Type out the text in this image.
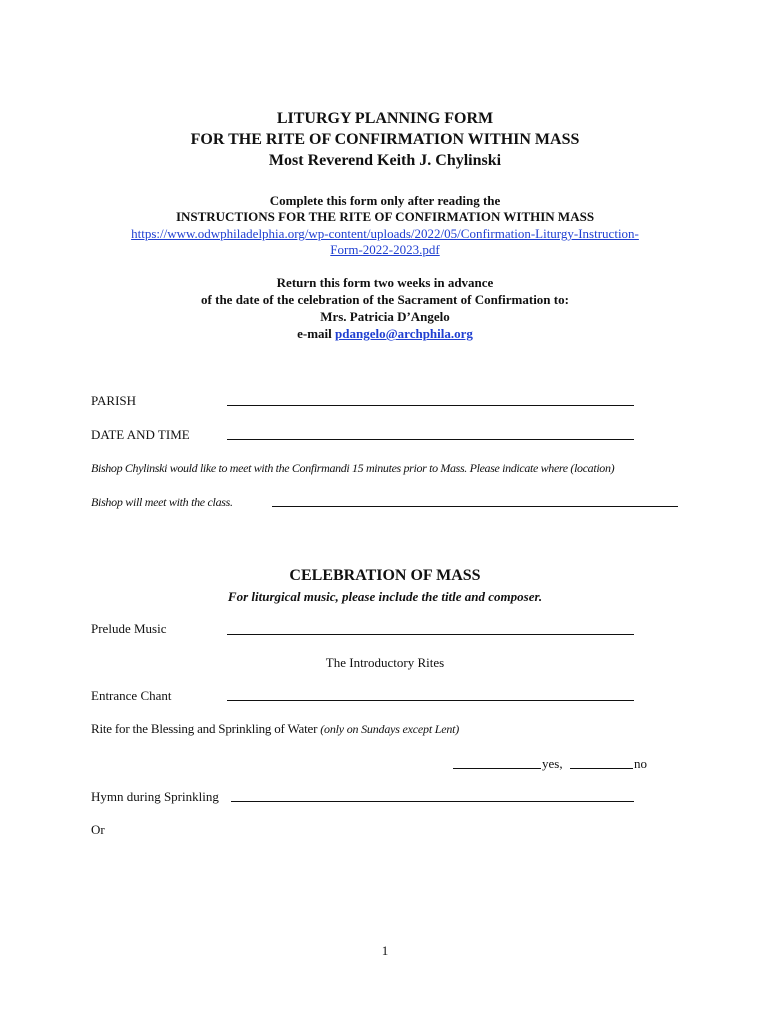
LITURGY PLANNING FORM
FOR THE RITE OF CONFIRMATION WITHIN MASS
Most Reverend Keith J. Chylinski
Complete this form only after reading the
INSTRUCTIONS FOR THE RITE OF CONFIRMATION WITHIN MASS
https://www.odwphiladelphia.org/wp-content/uploads/2022/05/Confirmation-Liturgy-Instruction-
Form-2022-2023.pdf
Return this form two weeks in advance
of the date of the celebration of the Sacrament of Confirmation to:
Mrs. Patricia D’Angelo
e-mail pdangelo@archphila.org
PARISH
DATE AND TIME
Bishop Chylinski would like to meet with the Confirmandi 15 minutes prior to Mass. Please indicate where (location)
Bishop will meet with the class.
CELEBRATION OF MASS
For liturgical music, please include the title and composer.
Prelude Music
The Introductory Rites
Entrance Chant
Rite for the Blessing and Sprinkling of Water (only on Sundays except Lent)
yes,	no
Hymn during Sprinkling
Or
1
